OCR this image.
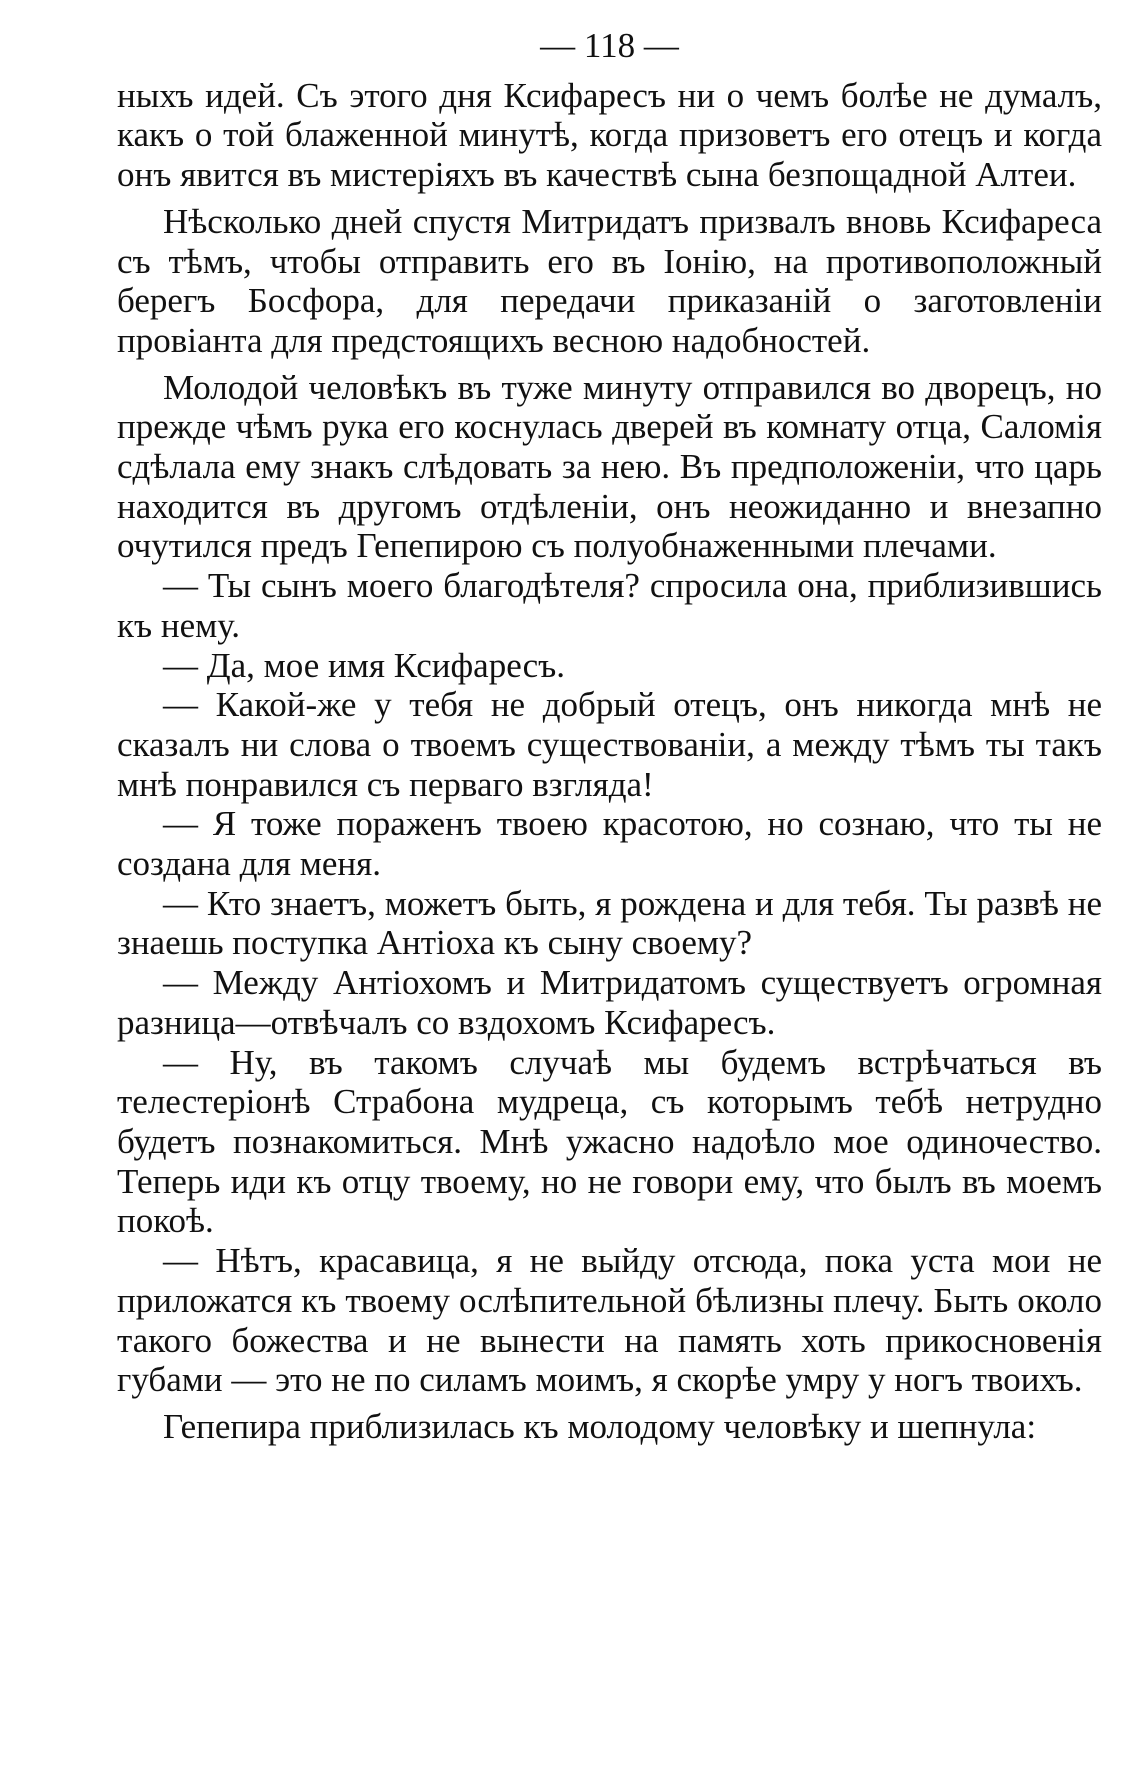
— 118 —

ныхъ идей. Съ этого дня Ксифаресъ ни о чемъ болѣе не думалъ, какъ о той блаженной минутѣ, когда призоветъ его отецъ и когда онъ явится въ мистеріяхъ въ качествѣ сына безпощадной Алтеи.

Нѣсколько дней спустя Митридатъ призвалъ вновь Ксифареса съ тѣмъ, чтобы отправить его въ Іонію, на противоположный берегъ Босфора, для передачи приказаній о заготовленіи провіанта для предстоящихъ весною надобностей.

Молодой человѣкъ въ туже минуту отправился во дворецъ, но прежде чѣмъ рука его коснулась дверей въ комнату отца, Саломія сдѣлала ему знакъ слѣдовать за нею. Въ предположеніи, что царь находится въ другомъ отдѣленіи, онъ неожиданно и внезапно очутился предъ Гепепирою съ полуобнаженными плечами.

— Ты сынъ моего благодѣтеля? спросила она, приблизившись къ нему.

— Да, мое имя Ксифаресъ.

— Какой-же у тебя не добрый отецъ, онъ никогда мнѣ не сказалъ ни слова о твоемъ существованіи, а между тѣмъ ты такъ мнѣ понравился съ перваго взгляда!

— Я тоже пораженъ твоею красотою, но сознаю, что ты не создана для меня.

— Кто знаетъ, можетъ быть, я рождена и для тебя. Ты развѣ не знаешь поступка Антіоха къ сыну своему?

— Между Антіохомъ и Митридатомъ существуетъ огромная разница—отвѣчалъ со вздохомъ Ксифаресъ.

— Ну, въ такомъ случаѣ мы будемъ встрѣчаться въ телестеріонѣ Страбона мудреца, съ которымъ тебѣ нетрудно будетъ познакомиться. Мнѣ ужасно надоѣло мое одиночество. Теперь иди къ отцу твоему, но не говори ему, что былъ въ моемъ покоѣ.

— Нѣтъ, красавица, я не выйду отсюда, пока уста мои не приложатся къ твоему ослѣпительной бѣлизны плечу. Быть около такого божества и не вынести на память хоть прикосновенія губами — это не по силамъ моимъ, я скорѣе умру у ногъ твоихъ.

Гепепира приблизилась къ молодому человѣку и шепнула:
